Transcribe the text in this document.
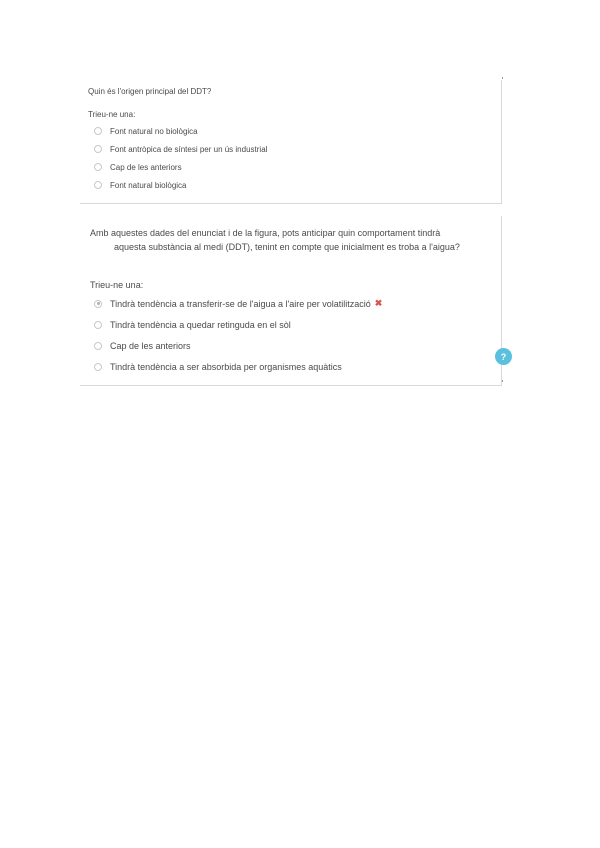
Quin és l'origen principal del DDT?
Trieu-ne una:
Font natural no biològica
Font antròpica de síntesi per un ús industrial
Cap de les anteriors
Font natural biològica
Amb aquestes dades del enunciat i de la figura, pots anticipar quin comportament tindrà
aquesta substància al medi (DDT), tenint en compte que inicialment es troba a l'aigua?
Trieu-ne una:
Tindrà tendència a transferir-se de l'aigua a l'aire per volatilització ✖
Tindrà tendència a quedar retinguda en el sòl
Cap de les anteriors
Tindrà tendència a ser absorbida per organismes aquàtics
?
